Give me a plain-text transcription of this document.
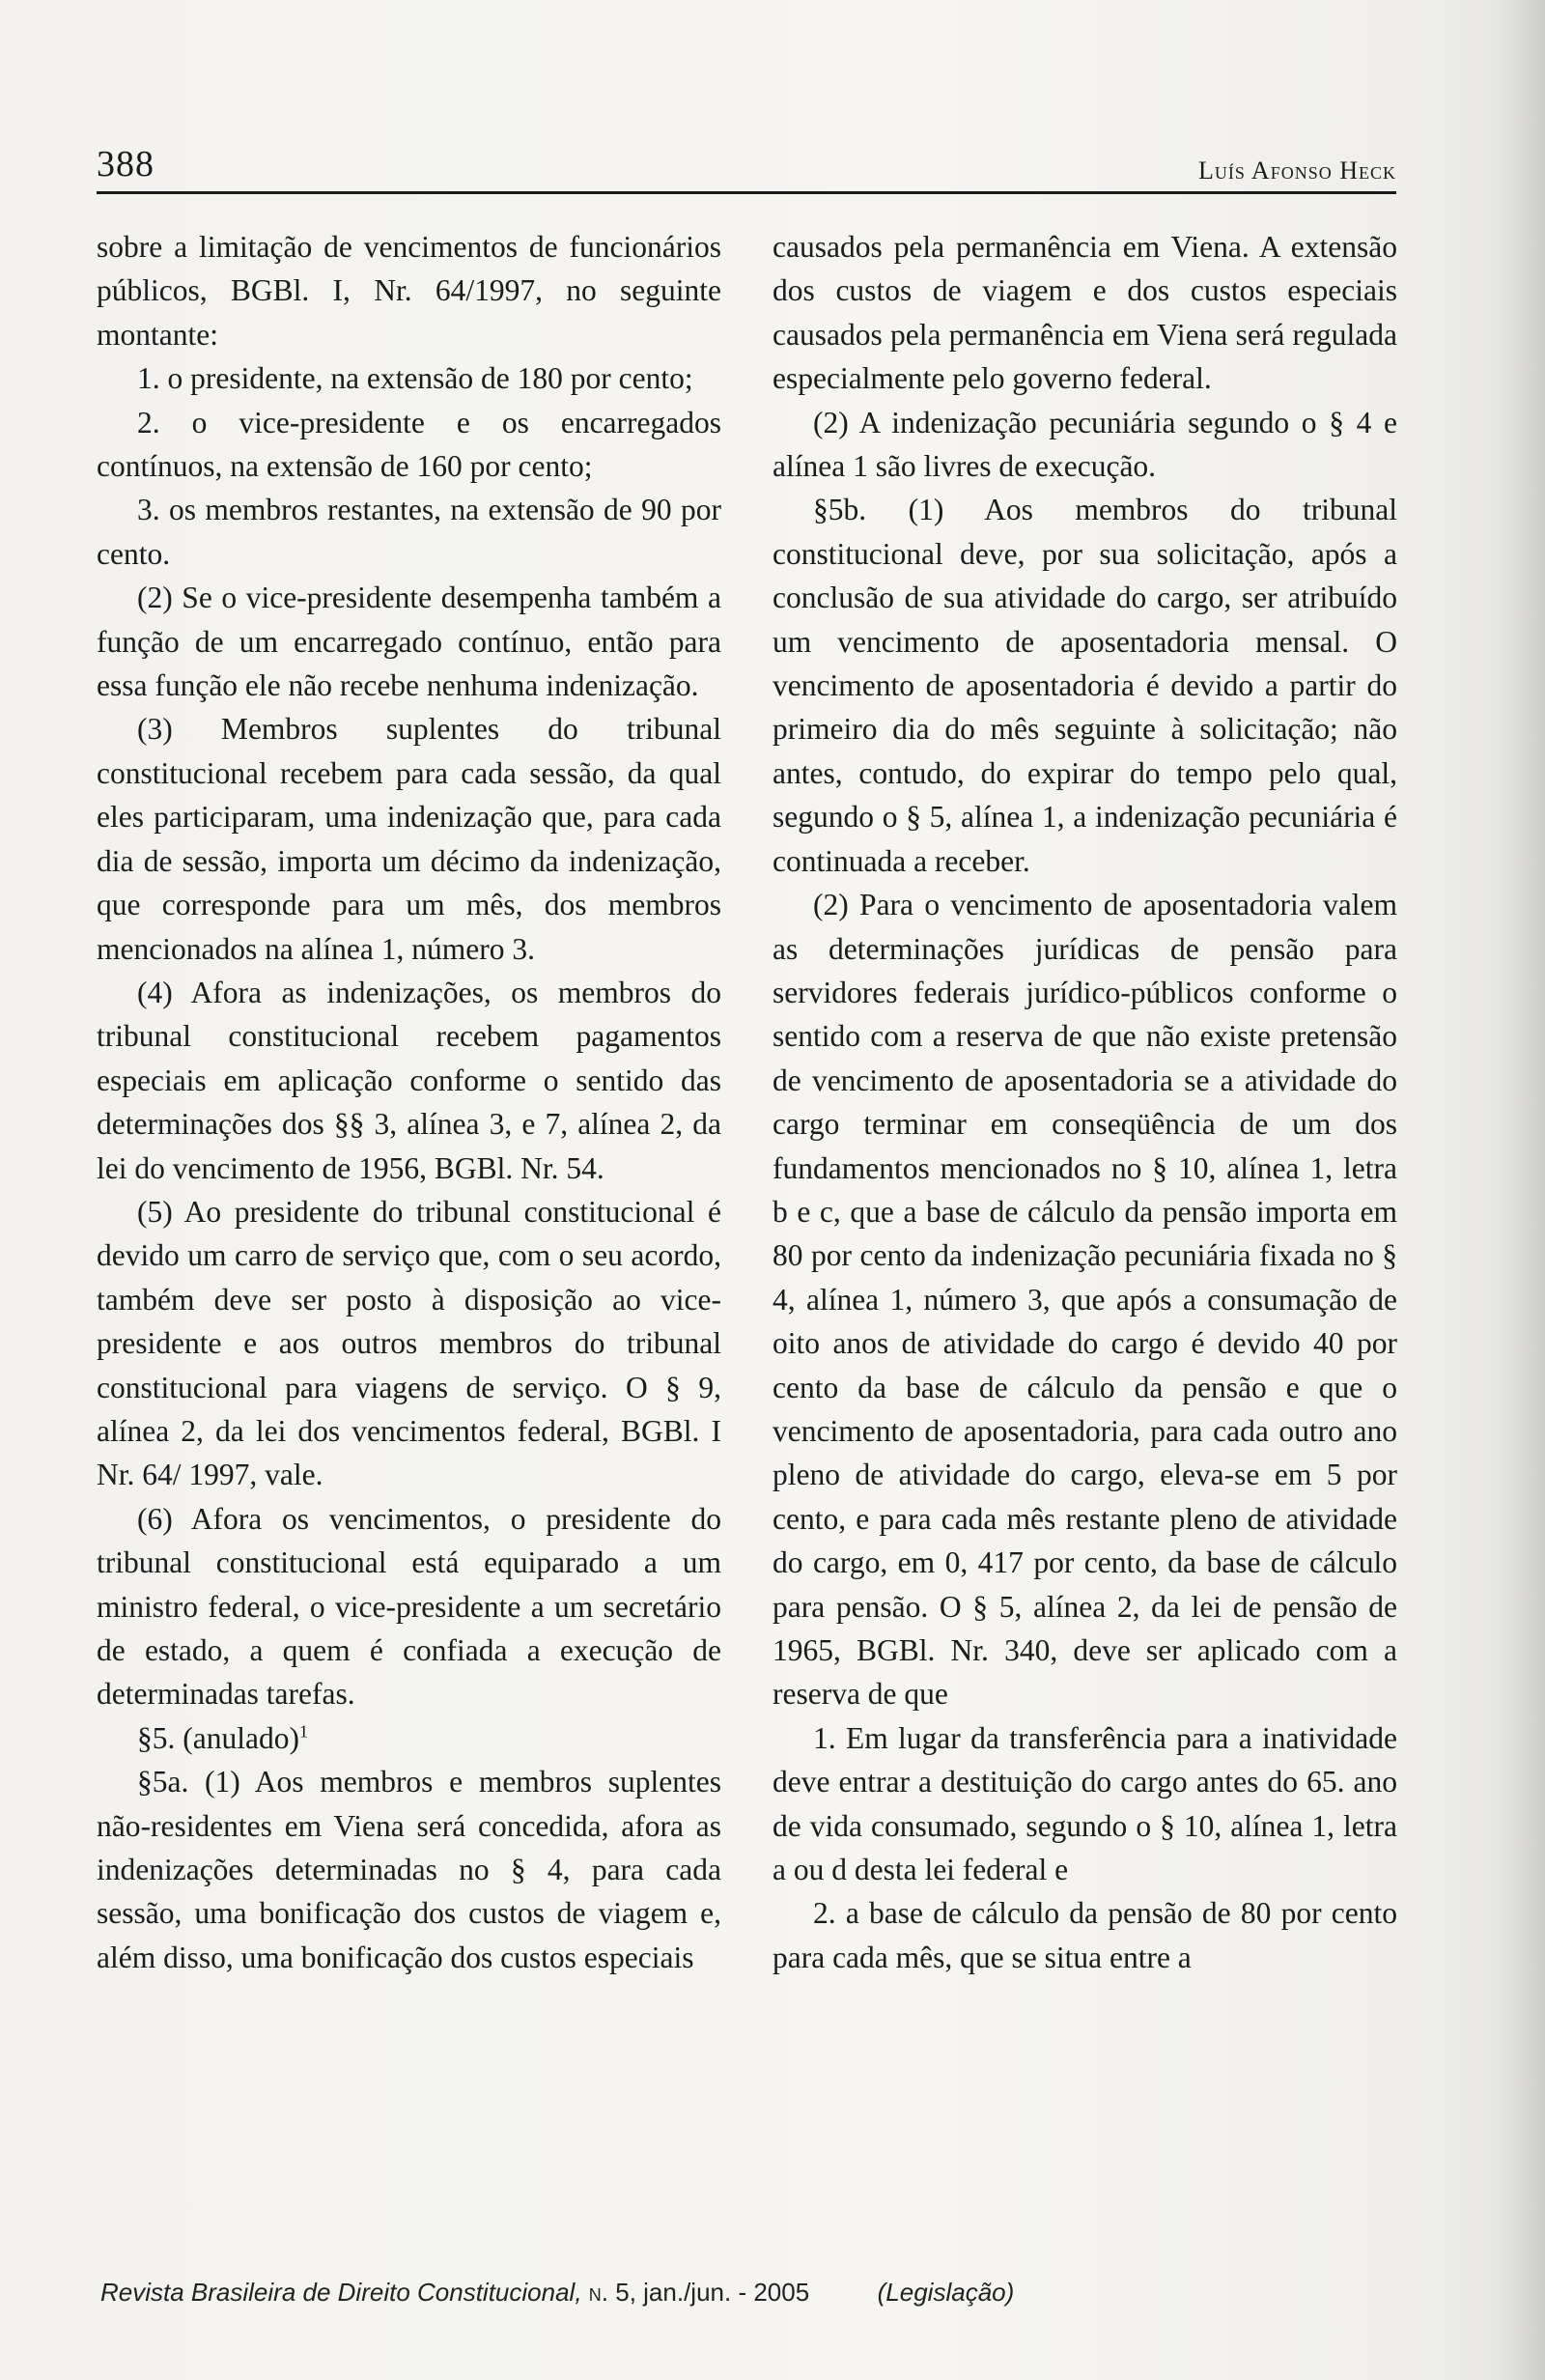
388	Luís Afonso Heck

sobre a limitação de vencimentos de funcionários públicos, BGBl. I, Nr. 64/1997, no seguinte montante:

1. o presidente, na extensão de 180 por cento;

2. o vice-presidente e os encarregados contínuos, na extensão de 160 por cento;

3. os membros restantes, na extensão de 90 por cento.

(2) Se o vice-presidente desempenha também a função de um encarregado contínuo, então para essa função ele não recebe nenhuma indenização.

(3) Membros suplentes do tribunal constitucional recebem para cada sessão, da qual eles participaram, uma indenização que, para cada dia de sessão, importa um décimo da indenização, que corresponde para um mês, dos membros mencionados na alínea 1, número 3.

(4) Afora as indenizações, os membros do tribunal constitucional recebem pagamentos especiais em aplicação conforme o sentido das determinações dos §§ 3, alínea 3, e 7, alínea 2, da lei do vencimento de 1956, BGBl. Nr. 54.

(5) Ao presidente do tribunal constitucional é devido um carro de serviço que, com o seu acordo, também deve ser posto à disposição ao vice-presidente e aos outros membros do tribunal constitucional para viagens de serviço. O § 9, alínea 2, da lei dos vencimentos federal, BGBl. I Nr. 64/ 1997, vale.

(6) Afora os vencimentos, o presidente do tribunal constitucional está equiparado a um ministro federal, o vice-presidente a um secretário de estado, a quem é confiada a execução de determinadas tarefas.

§5. (anulado)$^1$

§5a. (1) Aos membros e membros suplentes não-residentes em Viena será concedida, afora as indenizações determinadas no § 4, para cada sessão, uma bonificação dos custos de viagem e, além disso, uma bonificação dos custos especiais

causados pela permanência em Viena. A extensão dos custos de viagem e dos custos especiais causados pela permanência em Viena será regulada especialmente pelo governo federal.

(2) A indenização pecuniária segundo o § 4 e alínea 1 são livres de execução.

§5b. (1) Aos membros do tribunal constitucional deve, por sua solicitação, após a conclusão de sua atividade do cargo, ser atribuído um vencimento de aposentadoria mensal. O vencimento de aposentadoria é devido a partir do primeiro dia do mês seguinte à solicitação; não antes, contudo, do expirar do tempo pelo qual, segundo o § 5, alínea 1, a indenização pecuniária é continuada a receber.

(2) Para o vencimento de aposentadoria valem as determinações jurídicas de pensão para servidores federais jurídico-públicos conforme o sentido com a reserva de que não existe pretensão de vencimento de aposentadoria se a atividade do cargo terminar em conseqüência de um dos fundamentos mencionados no § 10, alínea 1, letra b e c, que a base de cálculo da pensão importa em 80 por cento da indenização pecuniária fixada no § 4, alínea 1, número 3, que após a consumação de oito anos de atividade do cargo é devido 40 por cento da base de cálculo da pensão e que o vencimento de aposentadoria, para cada outro ano pleno de atividade do cargo, eleva-se em 5 por cento, e para cada mês restante pleno de atividade do cargo, em 0, 417 por cento, da base de cálculo para pensão. O § 5, alínea 2, da lei de pensão de 1965, BGBl. Nr. 340, deve ser aplicado com a reserva de que

1. Em lugar da transferência para a inatividade deve entrar a destituição do cargo antes do 65. ano de vida consumado, segundo o § 10, alínea 1, letra a ou d desta lei federal e

2. a base de cálculo da pensão de 80 por cento para cada mês, que se situa entre a

Revista Brasileira de Direito Constitucional, n. 5, jan./jun. - 2005	(Legislação)
